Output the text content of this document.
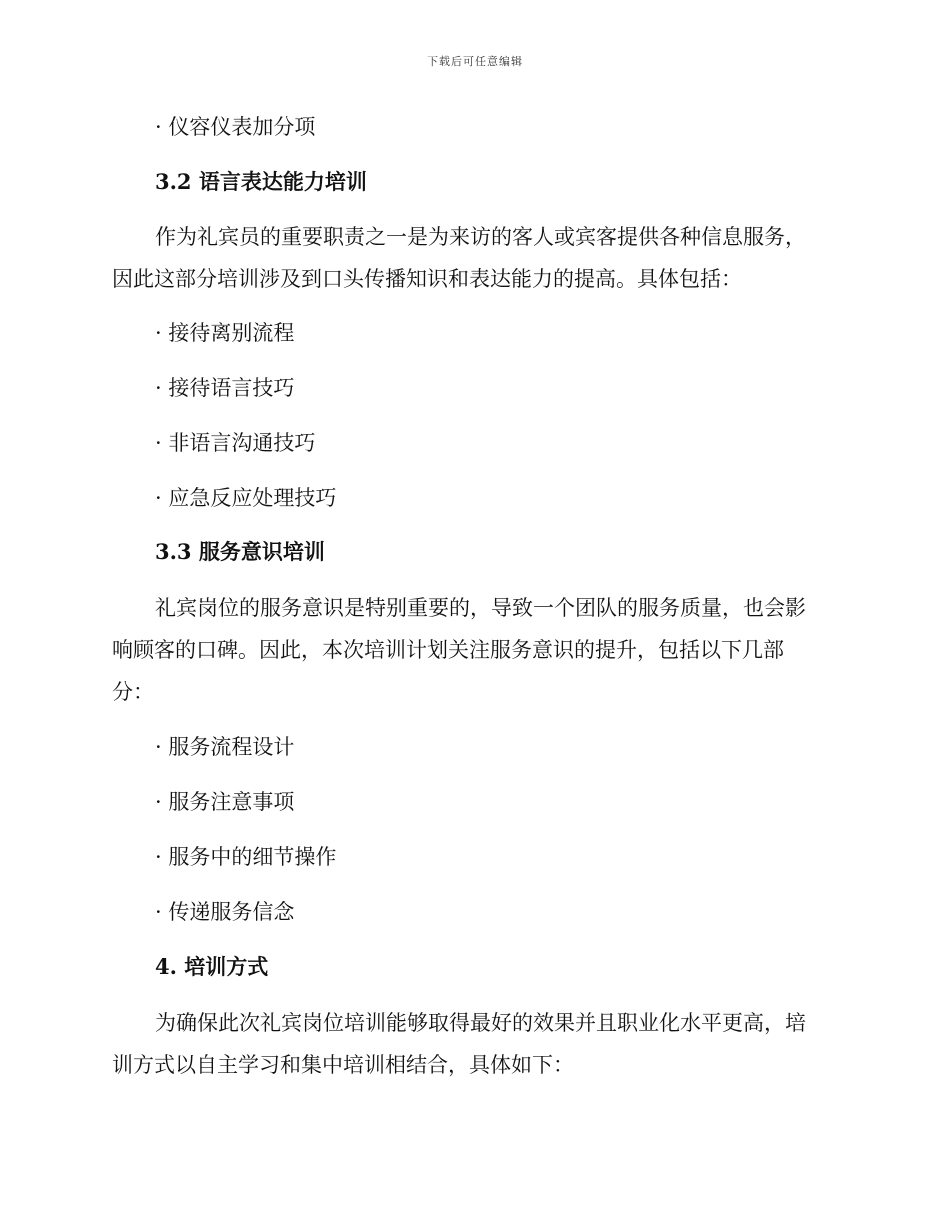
下载后可任意编辑
· 仪容仪表加分项
3.2 语言表达能力培训
作为礼宾员的重要职责之一是为来访的客人或宾客提供各种信息服务，
因此这部分培训涉及到口头传播知识和表达能力的提高。具体包括：
· 接待离别流程
· 接待语言技巧
· 非语言沟通技巧
· 应急反应处理技巧
3.3 服务意识培训
礼宾岗位的服务意识是特别重要的，导致一个团队的服务质量，也会影
响顾客的口碑。因此，本次培训计划关注服务意识的提升，包括以下几部
分：
· 服务流程设计
· 服务注意事项
· 服务中的细节操作
· 传递服务信念
4. 培训方式
为确保此次礼宾岗位培训能够取得最好的效果并且职业化水平更高，培
训方式以自主学习和集中培训相结合，具体如下：
